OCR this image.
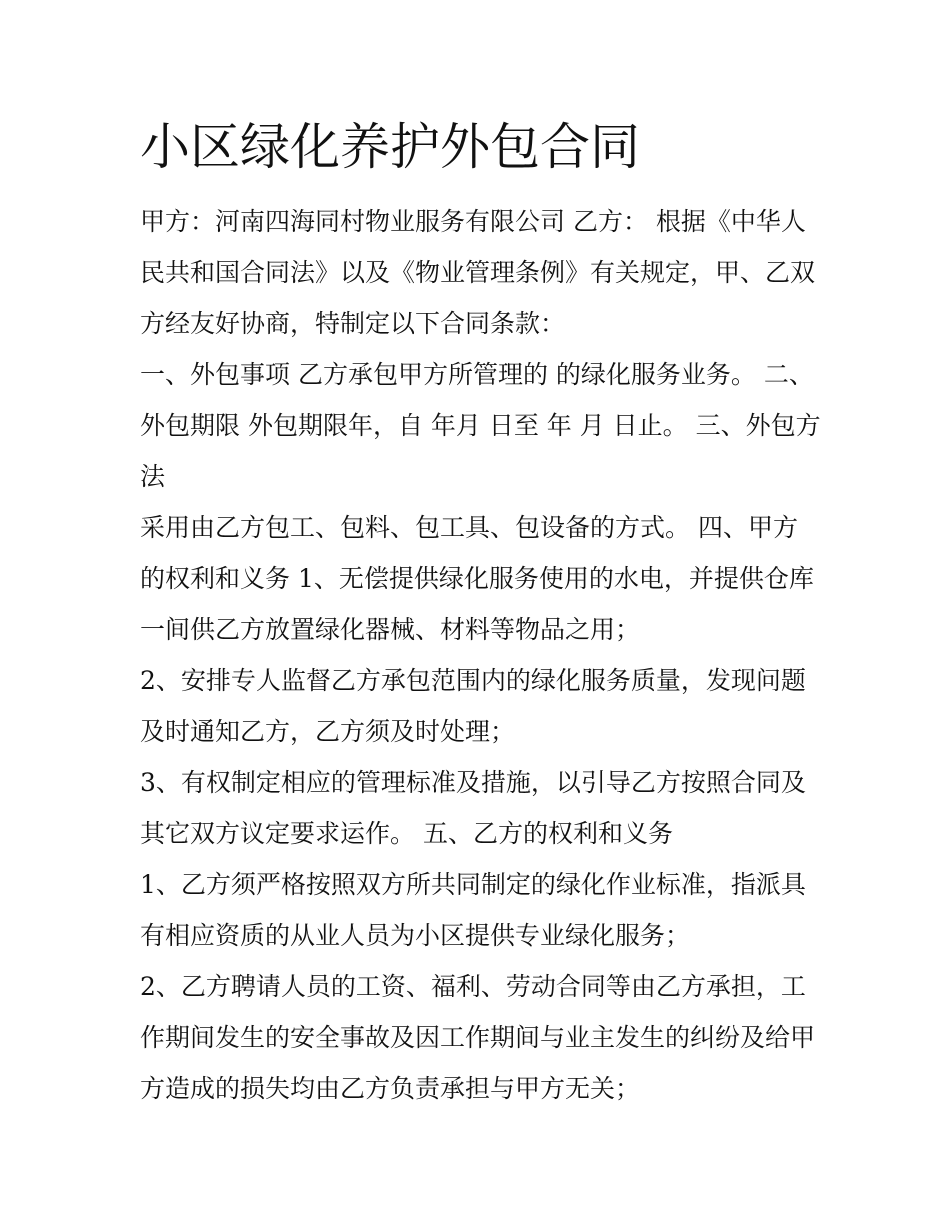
小区绿化养护外包合同

甲方：河南四海同村物业服务有限公司 乙方： 根据《中华人

民共和国合同法》以及《物业管理条例》有关规定，甲、乙双

方经友好协商，特制定以下合同条款：

一、外包事项 乙方承包甲方所管理的 的绿化服务业务。 二、

外包期限 外包期限年，自 年月 日至 年 月 日止。 三、外包方

法

采用由乙方包工、包料、包工具、包设备的方式。 四、甲方

的权利和义务 1、无偿提供绿化服务使用的水电，并提供仓库

一间供乙方放置绿化器械、材料等物品之用；

2、安排专人监督乙方承包范围内的绿化服务质量，发现问题

及时通知乙方，乙方须及时处理；

3、有权制定相应的管理标准及措施，以引导乙方按照合同及

其它双方议定要求运作。 五、乙方的权利和义务

1、乙方须严格按照双方所共同制定的绿化作业标准，指派具

有相应资质的从业人员为小区提供专业绿化服务；

2、乙方聘请人员的工资、福利、劳动合同等由乙方承担，工

作期间发生的安全事故及因工作期间与业主发生的纠纷及给甲

方造成的损失均由乙方负责承担与甲方无关；
